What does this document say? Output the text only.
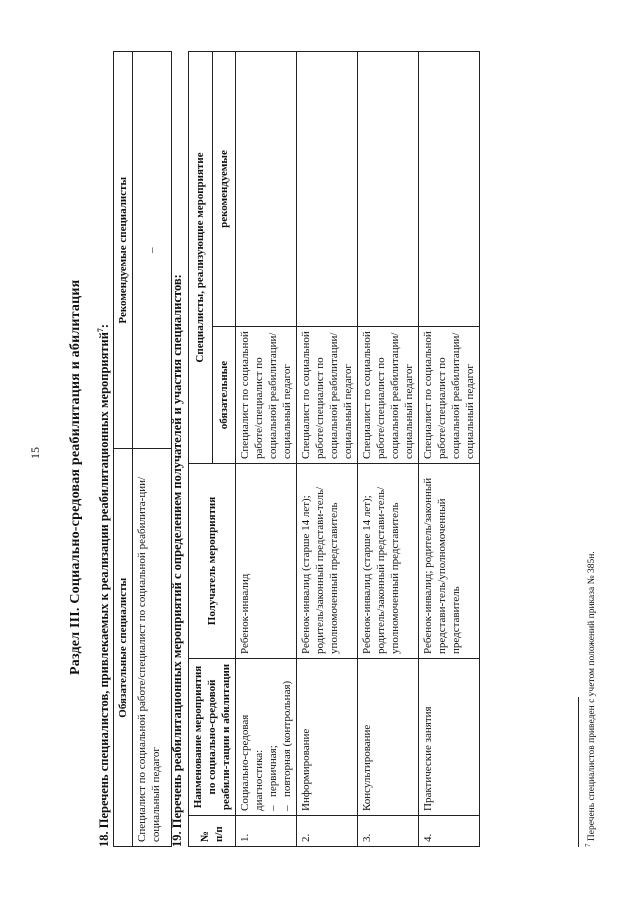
15 Раздел III. Социально-средовая реабилитация и абилитация 18. Перечень специалистов, привлекаемых к реализации реабилитационных мероприятий$^7$:
Обязательные специалисты	Рекомендуемые специалисты
Специалист по социальной работе/специалист по социальной реабилита-ции/социальный педагог	–
19. Перечень реабилитационных мероприятий с определением получателей и участия специалистов: № п/п	Наименование мероприятия по социально-средовой реабили-тации и абилитации	Получатель мероприятия	Специалисты, реализующие мероприятие	
			обязательные	рекомендуемые
1.	Социально-средовая диагностика: –первичная;
–повторная (контрольная)	Ребенок-инвалид	Специалист по социальной работе/специалист по социальной реабилитации/социальный педагог	
2.	Информирование	Ребенок-инвалид (старше 14 лет); родитель/законный представи-тель/уполномоченный представитель	Специалист по социальной работе/специалист по социальной реабилитации/социальный педагог	
3.	Консультирование	Ребенок-инвалид (старше 14 лет); родитель/законный представи-тель/уполномоченный представитель	Специалист по социальной работе/специалист по социальной реабилитации/социальный педагог	
4.	Практические занятия	Ребенок-инвалид; родитель/законный представи-тель/уполномоченный представитель	Специалист по социальной работе/специалист по социальной реабилитации/социальный педагог	
$^7$ Перечень специалистов приведен с учетом положений приказа № 385н.
